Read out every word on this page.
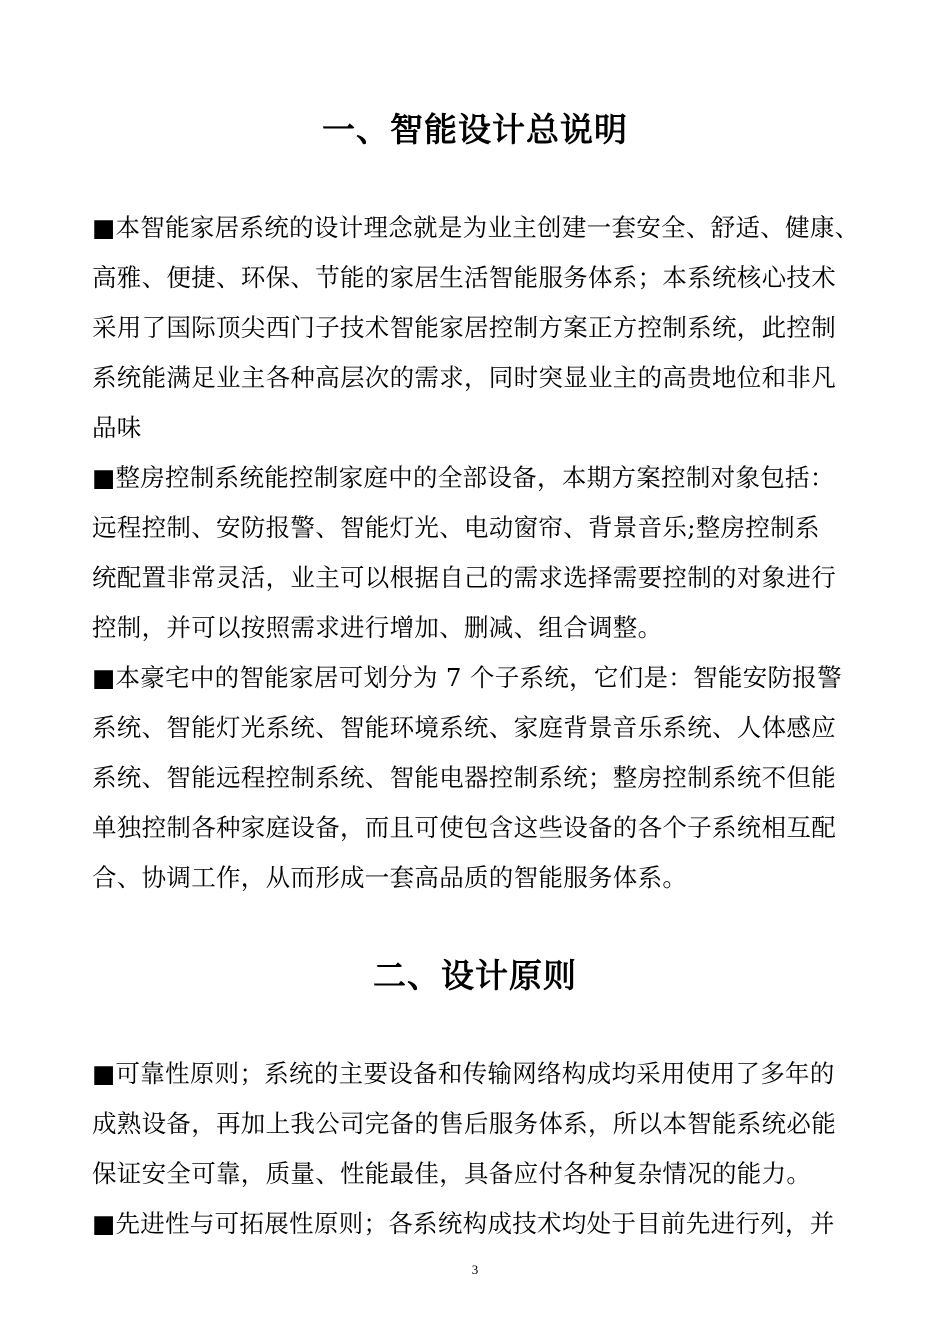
一、智能设计总说明
■本智能家居系统的设计理念就是为业主创建一套安全、舒适、健康、
高雅、便捷、环保、节能的家居生活智能服务体系；本系统核心技术
采用了国际顶尖西门子技术智能家居控制方案正方控制系统，此控制
系统能满足业主各种高层次的需求，同时突显业主的高贵地位和非凡
品味
■整房控制系统能控制家庭中的全部设备，本期方案控制对象包括：
远程控制、安防报警、智能灯光、电动窗帘、背景音乐;整房控制系
统配置非常灵活，业主可以根据自己的需求选择需要控制的对象进行
控制，并可以按照需求进行增加、删减、组合调整。
■本豪宅中的智能家居可划分为 7 个子系统，它们是：智能安防报警
系统、智能灯光系统、智能环境系统、家庭背景音乐系统、人体感应
系统、智能远程控制系统、智能电器控制系统；整房控制系统不但能
单独控制各种家庭设备，而且可使包含这些设备的各个子系统相互配
合、协调工作，从而形成一套高品质的智能服务体系。
二、设计原则
■可靠性原则；系统的主要设备和传输网络构成均采用使用了多年的
成熟设备，再加上我公司完备的售后服务体系，所以本智能系统必能
保证安全可靠，质量、性能最佳，具备应付各种复杂情况的能力。
■先进性与可拓展性原则；各系统构成技术均处于目前先进行列，并
3
